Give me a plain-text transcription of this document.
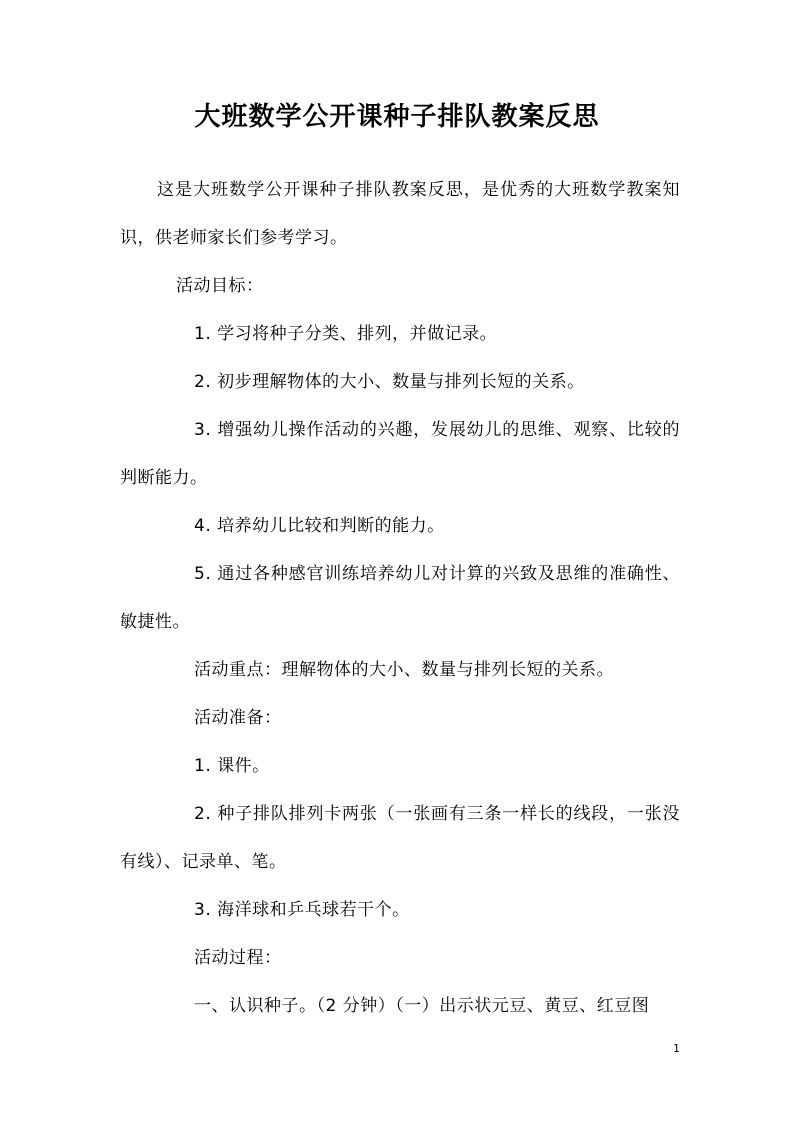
大班数学公开课种子排队教案反思

这是大班数学公开课种子排队教案反思，是优秀的大班数学教案知识，供老师家长们参考学习。

活动目标：

1. 学习将种子分类、排列，并做记录。

2. 初步理解物体的大小、数量与排列长短的关系。

3. 增强幼儿操作活动的兴趣，发展幼儿的思维、观察、比较的判断能力。

4. 培养幼儿比较和判断的能力。

5. 通过各种感官训练培养幼儿对计算的兴致及思维的准确性、敏捷性。

活动重点：理解物体的大小、数量与排列长短的关系。

活动准备：

1. 课件。

2. 种子排队排列卡两张（一张画有三条一样长的线段，一张没有线）、记录单、笔。

3. 海洋球和乒乓球若干个。

活动过程：

一、认识种子。（2 分钟）（一）出示状元豆、黄豆、红豆图

1
